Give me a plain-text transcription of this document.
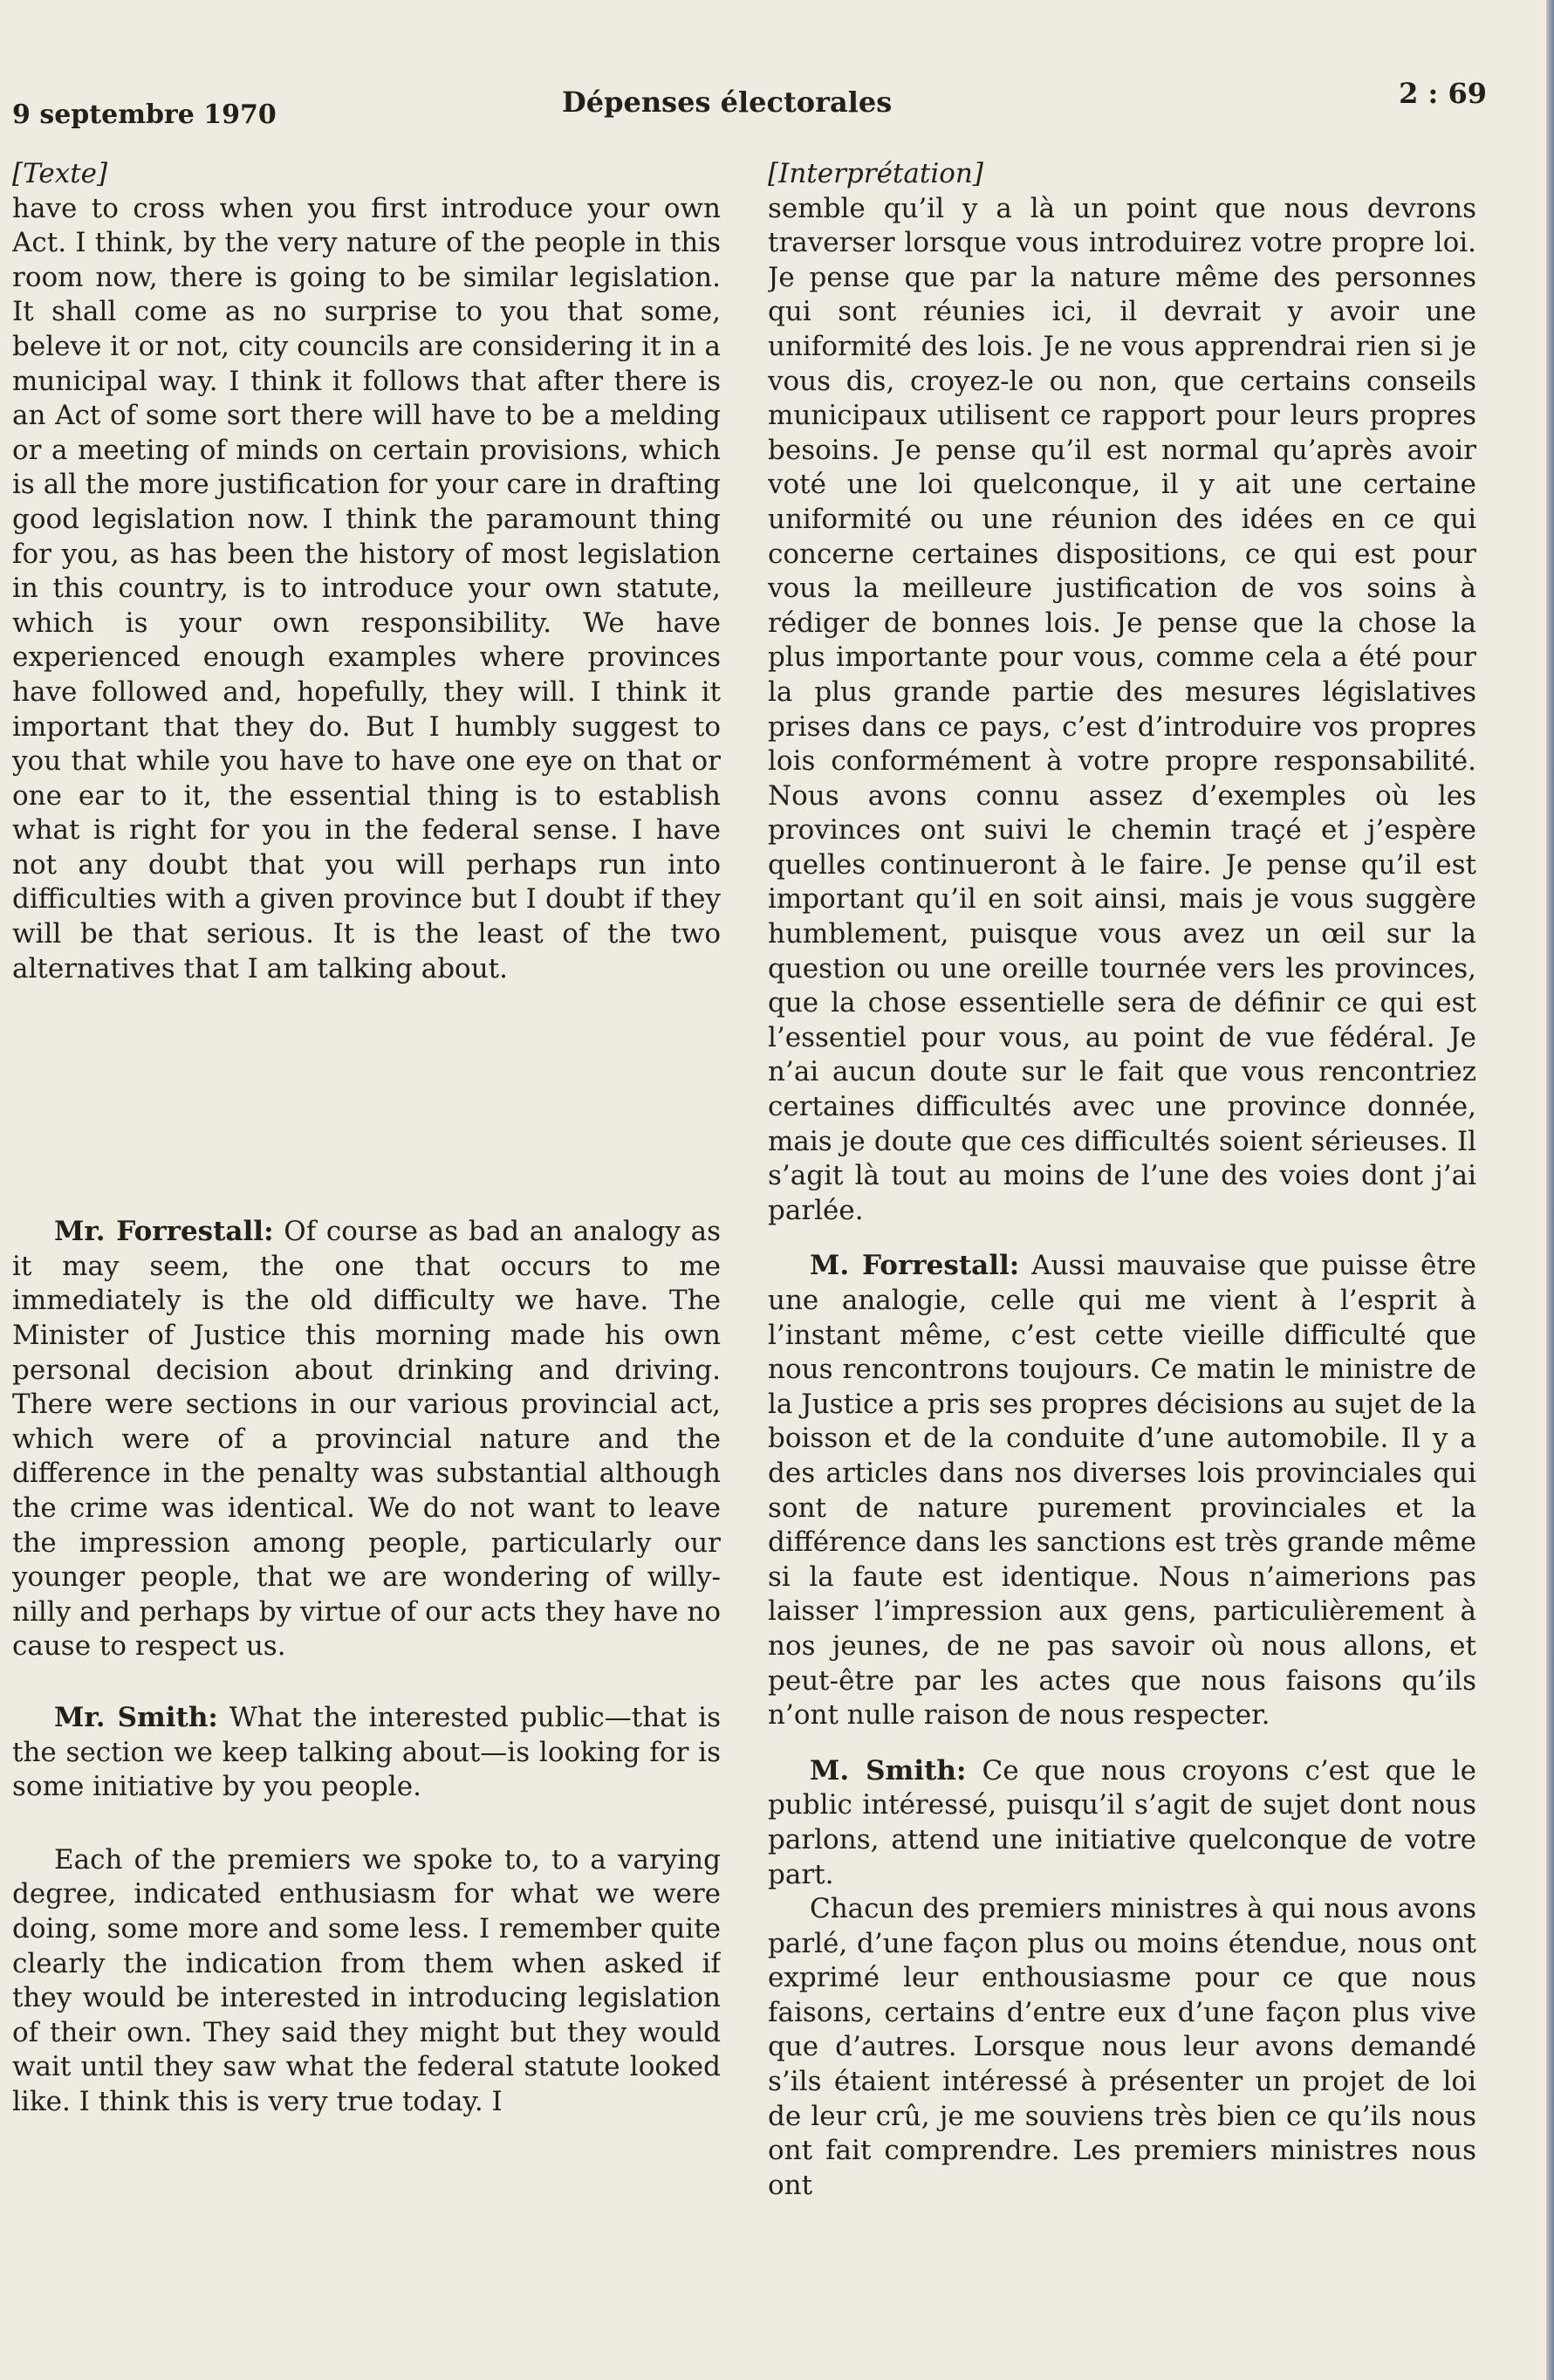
9 septembre 1970	Dépenses électorales	2 : 69

[Texte]

have to cross when you first introduce your own Act. I think, by the very nature of the people in this room now, there is going to be similar legislation. It shall come as no surprise to you that some, beleve it or not, city councils are considering it in a municipal way. I think it follows that after there is an Act of some sort there will have to be a melding or a meeting of minds on certain provisions, which is all the more justification for your care in drafting good legislation now. I think the paramount thing for you, as has been the history of most legislation in this country, is to introduce your own statute, which is your own responsibility. We have experienced enough examples where provinces have followed and, hopefully, they will. I think it important that they do. But I humbly suggest to you that while you have to have one eye on that or one ear to it, the essential thing is to establish what is right for you in the federal sense. I have not any doubt that you will perhaps run into difficulties with a given province but I doubt if they will be that serious. It is the least of the two alternatives that I am talking about.

Mr. Forrestall: Of course as bad an analogy as it may seem, the one that occurs to me immediately is the old difficulty we have. The Minister of Justice this morning made his own personal decision about drinking and driving. There were sections in our various provincial act, which were of a provincial nature and the difference in the penalty was substantial although the crime was identical. We do not want to leave the impression among people, particularly our younger people, that we are wondering of willy-nilly and perhaps by virtue of our acts they have no cause to respect us.

Mr. Smith: What the interested public—that is the section we keep talking about—is looking for is some initiative by you people.

Each of the premiers we spoke to, to a varying degree, indicated enthusiasm for what we were doing, some more and some less. I remember quite clearly the indication from them when asked if they would be interested in introducing legislation of their own. They said they might but they would wait until they saw what the federal statute looked like. I think this is very true today. I

[Interprétation]

semble qu’il y a là un point que nous devrons traverser lorsque vous introduirez votre propre loi. Je pense que par la nature même des personnes qui sont réunies ici, il devrait y avoir une uniformité des lois. Je ne vous apprendrai rien si je vous dis, croyez-le ou non, que certains conseils municipaux utilisent ce rapport pour leurs propres besoins. Je pense qu’il est normal qu’après avoir voté une loi quelconque, il y ait une certaine uniformité ou une réunion des idées en ce qui concerne certaines dispositions, ce qui est pour vous la meilleure justification de vos soins à rédiger de bonnes lois. Je pense que la chose la plus importante pour vous, comme cela a été pour la plus grande partie des mesures législatives prises dans ce pays, c’est d’introduire vos propres lois conformément à votre propre responsabilité. Nous avons connu assez d’exemples où les provinces ont suivi le chemin traçé et j’espère quelles continueront à le faire. Je pense qu’il est important qu’il en soit ainsi, mais je vous suggère humblement, puisque vous avez un œil sur la question ou une oreille tournée vers les provinces, que la chose essentielle sera de définir ce qui est l’essentiel pour vous, au point de vue fédéral. Je n’ai aucun doute sur le fait que vous rencontriez certaines difficultés avec une province donnée, mais je doute que ces difficultés soient sérieuses. Il s’agit là tout au moins de l’une des voies dont j’ai parlée.

M. Forrestall: Aussi mauvaise que puisse être une analogie, celle qui me vient à l’esprit à l’instant même, c’est cette vieille difficulté que nous rencontrons toujours. Ce matin le ministre de la Justice a pris ses propres décisions au sujet de la boisson et de la conduite d’une automobile. Il y a des articles dans nos diverses lois provinciales qui sont de nature purement provinciales et la différence dans les sanctions est très grande même si la faute est identique. Nous n’aimerions pas laisser l’impression aux gens, particulièrement à nos jeunes, de ne pas savoir où nous allons, et peut-être par les actes que nous faisons qu’ils n’ont nulle raison de nous respecter.

M. Smith: Ce que nous croyons c’est que le public intéressé, puisqu’il s’agit de sujet dont nous parlons, attend une initiative quelconque de votre part.

Chacun des premiers ministres à qui nous avons parlé, d’une façon plus ou moins étendue, nous ont exprimé leur enthousiasme pour ce que nous faisons, certains d’entre eux d’une façon plus vive que d’autres. Lorsque nous leur avons demandé s’ils étaient intéressé à présenter un projet de loi de leur crû, je me souviens très bien ce qu’ils nous ont fait comprendre. Les premiers ministres nous ont
